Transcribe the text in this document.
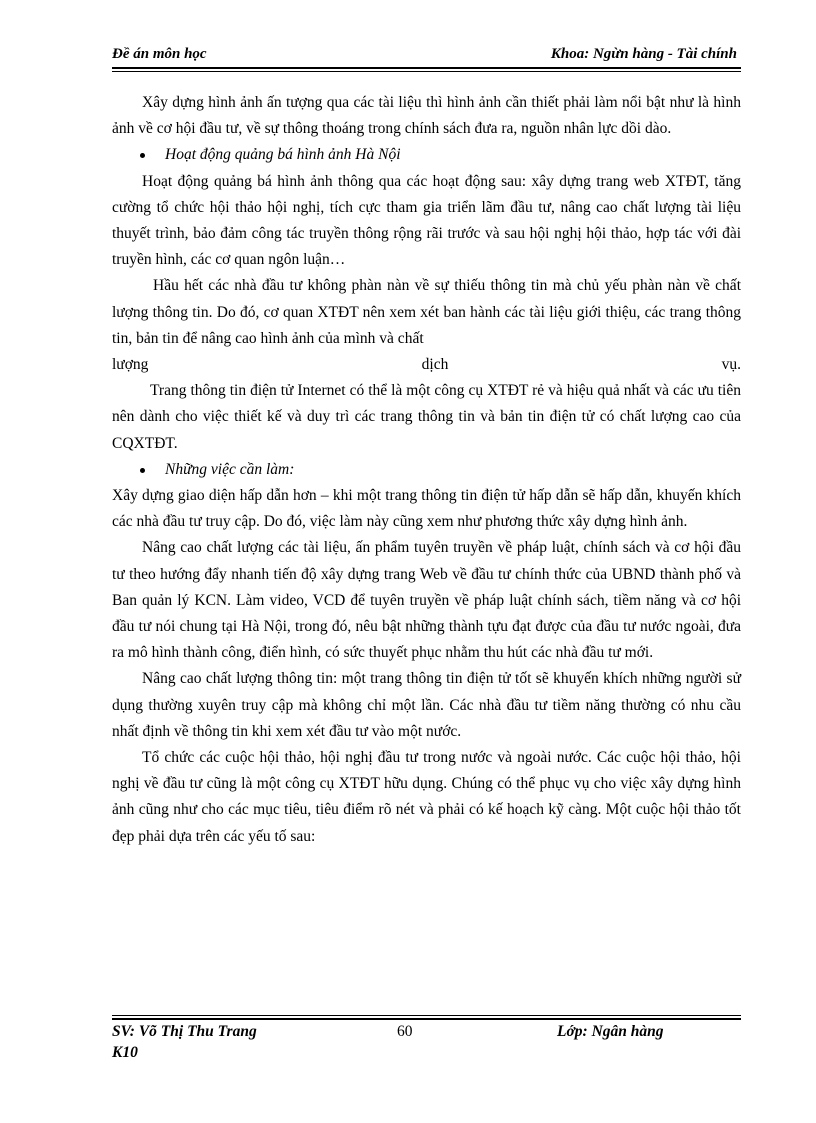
Đề án môn học	Khoa: Ngừn hàng - Tài chính

Xây dựng hình ảnh ấn tượng qua các tài liệu thì hình ảnh cần thiết phải làm nổi bật như là hình ảnh về cơ hội đầu tư, về sự thông thoáng trong chính sách đưa ra, nguồn nhân lực dồi dào.

Hoạt động quảng bá hình ảnh Hà Nội

Hoạt động quảng bá hình ảnh thông qua các hoạt động sau: xây dựng trang web XTĐT, tăng cường tổ chức hội thảo hội nghị, tích cực tham gia triển lãm đầu tư, nâng cao chất lượng tài liệu thuyết trình, bảo đảm công tác truyền thông rộng rãi trước và sau hội nghị hội thảo, hợp tác với đài truyền hình, các cơ quan ngôn luận…

Hầu hết các nhà đầu tư không phàn nàn về sự thiếu thông tin mà chủ yếu phàn nàn về chất lượng thông tin. Do đó, cơ quan XTĐT nên xem xét ban hành các tài liệu giới thiệu, các trang thông tin, bản tin để nâng cao hình ảnh của mình và chất

lượng	dịch	vụ.

Trang thông tin điện tử Internet có thể là một công cụ XTĐT rẻ và hiệu quả nhất và các ưu tiên nên dành cho việc thiết kế và duy trì các trang thông tin và bản tin điện tử có chất lượng cao của CQXTĐT.

Những việc cần làm:

Xây dựng giao diện hấp dẫn hơn – khi một trang thông tin điện tử hấp dẫn sẽ hấp dẫn, khuyến khích các nhà đầu tư truy cập. Do đó, việc làm này cũng xem như phương thức xây dựng hình ảnh.

Nâng cao chất lượng các tài liệu, ấn phẩm tuyên truyền về pháp luật, chính sách và cơ hội đầu tư theo hướng đẩy nhanh tiến độ xây dựng trang Web về đầu tư chính thức của UBND thành phố và Ban quản lý KCN. Làm video, VCD để tuyên truyền về pháp luật chính sách, tiềm năng và cơ hội đầu tư nói chung tại Hà Nội, trong đó, nêu bật những thành tựu đạt được của đầu tư nước ngoài, đưa ra mô hình thành công, điển hình, có sức thuyết phục nhằm thu hút các nhà đầu tư mới.

Nâng cao chất lượng thông tin: một trang thông tin điện tử tốt sẽ khuyến khích những người sử dụng thường xuyên truy cập mà không chỉ một lần. Các nhà đầu tư tiềm năng thường có nhu cầu nhất định về thông tin khi xem xét đầu tư vào một nước.

Tổ chức các cuộc hội thảo, hội nghị đầu tư trong nước và ngoài nước. Các cuộc hội thảo, hội nghị về đầu tư cũng là một công cụ XTĐT hữu dụng. Chúng có thể phục vụ cho việc xây dựng hình ảnh cũng như cho các mục tiêu, tiêu điểm rõ nét và phải có kế hoạch kỹ càng. Một cuộc hội thảo tốt đẹp phải dựa trên các yếu tố sau:

SV: Võ Thị Thu Trang
K10
60	Lớp: Ngân hàng
